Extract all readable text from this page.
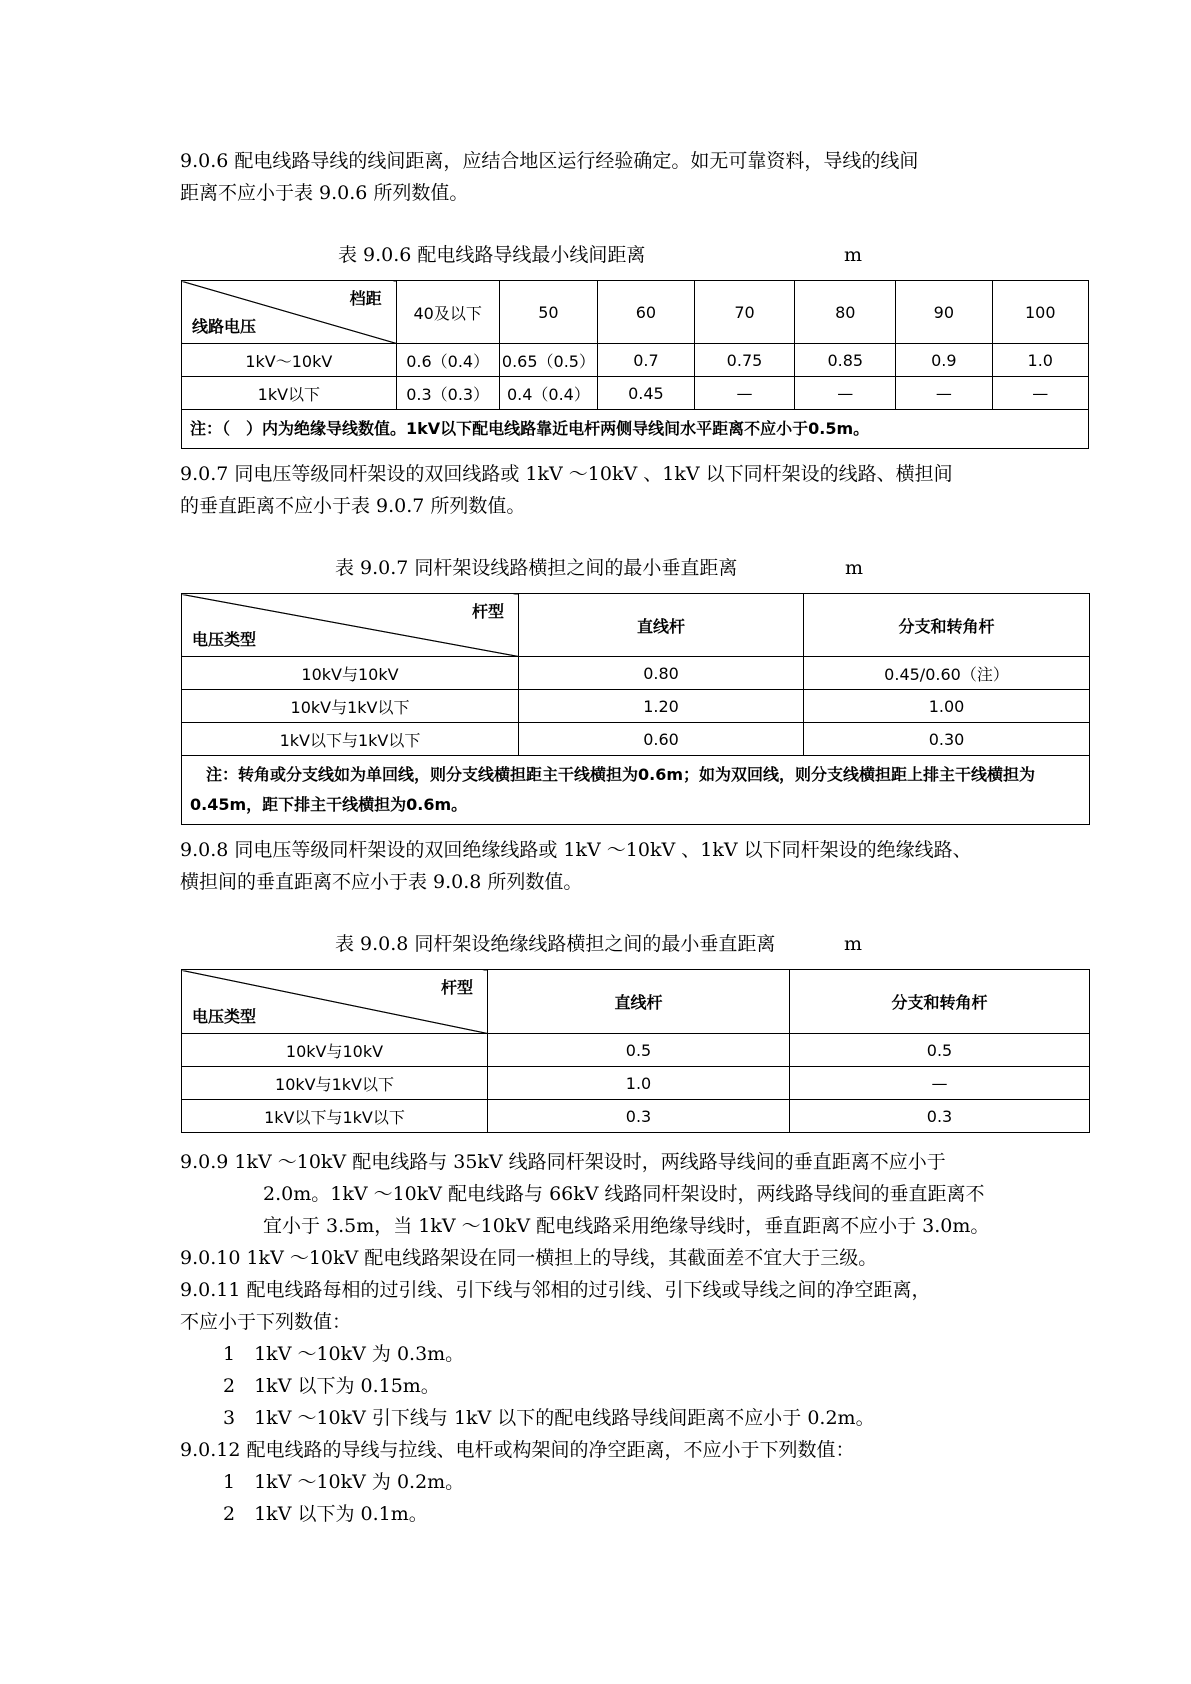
9.0.6 配电线路导线的线间距离，应结合地区运行经验确定。如无可靠资料，导线的线间
距离不应小于表 9.0.6 所列数值。
表 9.0.6 配电线路导线最小线间距离	m
档距
线路电压	40及以下	50	60	70	80	90	100
1kV～10kV	0.6（0.4）	0.65（0.5）	0.7	0.75	0.85	0.9	1.0
1kV以下	0.3（0.3）	0.4（0.4）	0.45	—	—	—	—
注：（　）内为绝缘导线数值。1kV以下配电线路靠近电杆两侧导线间水平距离不应小于0.5m。							
9.0.7 同电压等级同杆架设的双回线路或 1kV ～10kV 、1kV 以下同杆架设的线路、横担间
的垂直距离不应小于表 9.0.7 所列数值。
表 9.0.7 同杆架设线路横担之间的最小垂直距离	m
杆型
电压类型	直线杆	分支和转角杆
10kV与10kV	0.80	0.45/0.60（注）
10kV与1kV以下	1.20	1.00
1kV以下与1kV以下	0.60	0.30
　注：转角或分支线如为单回线，则分支线横担距主干线横担为0.6m；如为双回线，则分支线横担距上排主干线横担为0.45m，距下排主干线横担为0.6m。		
9.0.8 同电压等级同杆架设的双回绝缘线路或 1kV ～10kV 、1kV 以下同杆架设的绝缘线路、
横担间的垂直距离不应小于表 9.0.8 所列数值。
表 9.0.8 同杆架设绝缘线路横担之间的最小垂直距离	m
杆型
电压类型	直线杆	分支和转角杆
10kV与10kV	0.5	0.5
10kV与1kV以下	1.0	—
1kV以下与1kV以下	0.3	0.3
9.0.9 1kV ～10kV 配电线路与 35kV 线路同杆架设时，两线路导线间的垂直距离不应小于
2.0m。1kV ～10kV 配电线路与 66kV 线路同杆架设时，两线路导线间的垂直距离不
宜小于 3.5m，当 1kV ～10kV 配电线路采用绝缘导线时，垂直距离不应小于 3.0m。
9.0.10 1kV ～10kV 配电线路架设在同一横担上的导线，其截面差不宜大于三级。
9.0.11 配电线路每相的过引线、引下线与邻相的过引线、引下线或导线之间的净空距离，
不应小于下列数值：
1　1kV ～10kV 为 0.3m。
2　1kV 以下为 0.15m。
3　1kV ～10kV 引下线与 1kV 以下的配电线路导线间距离不应小于 0.2m。
9.0.12 配电线路的导线与拉线、电杆或构架间的净空距离，不应小于下列数值：
1　1kV ～10kV 为 0.2m。
2　1kV 以下为 0.1m。
